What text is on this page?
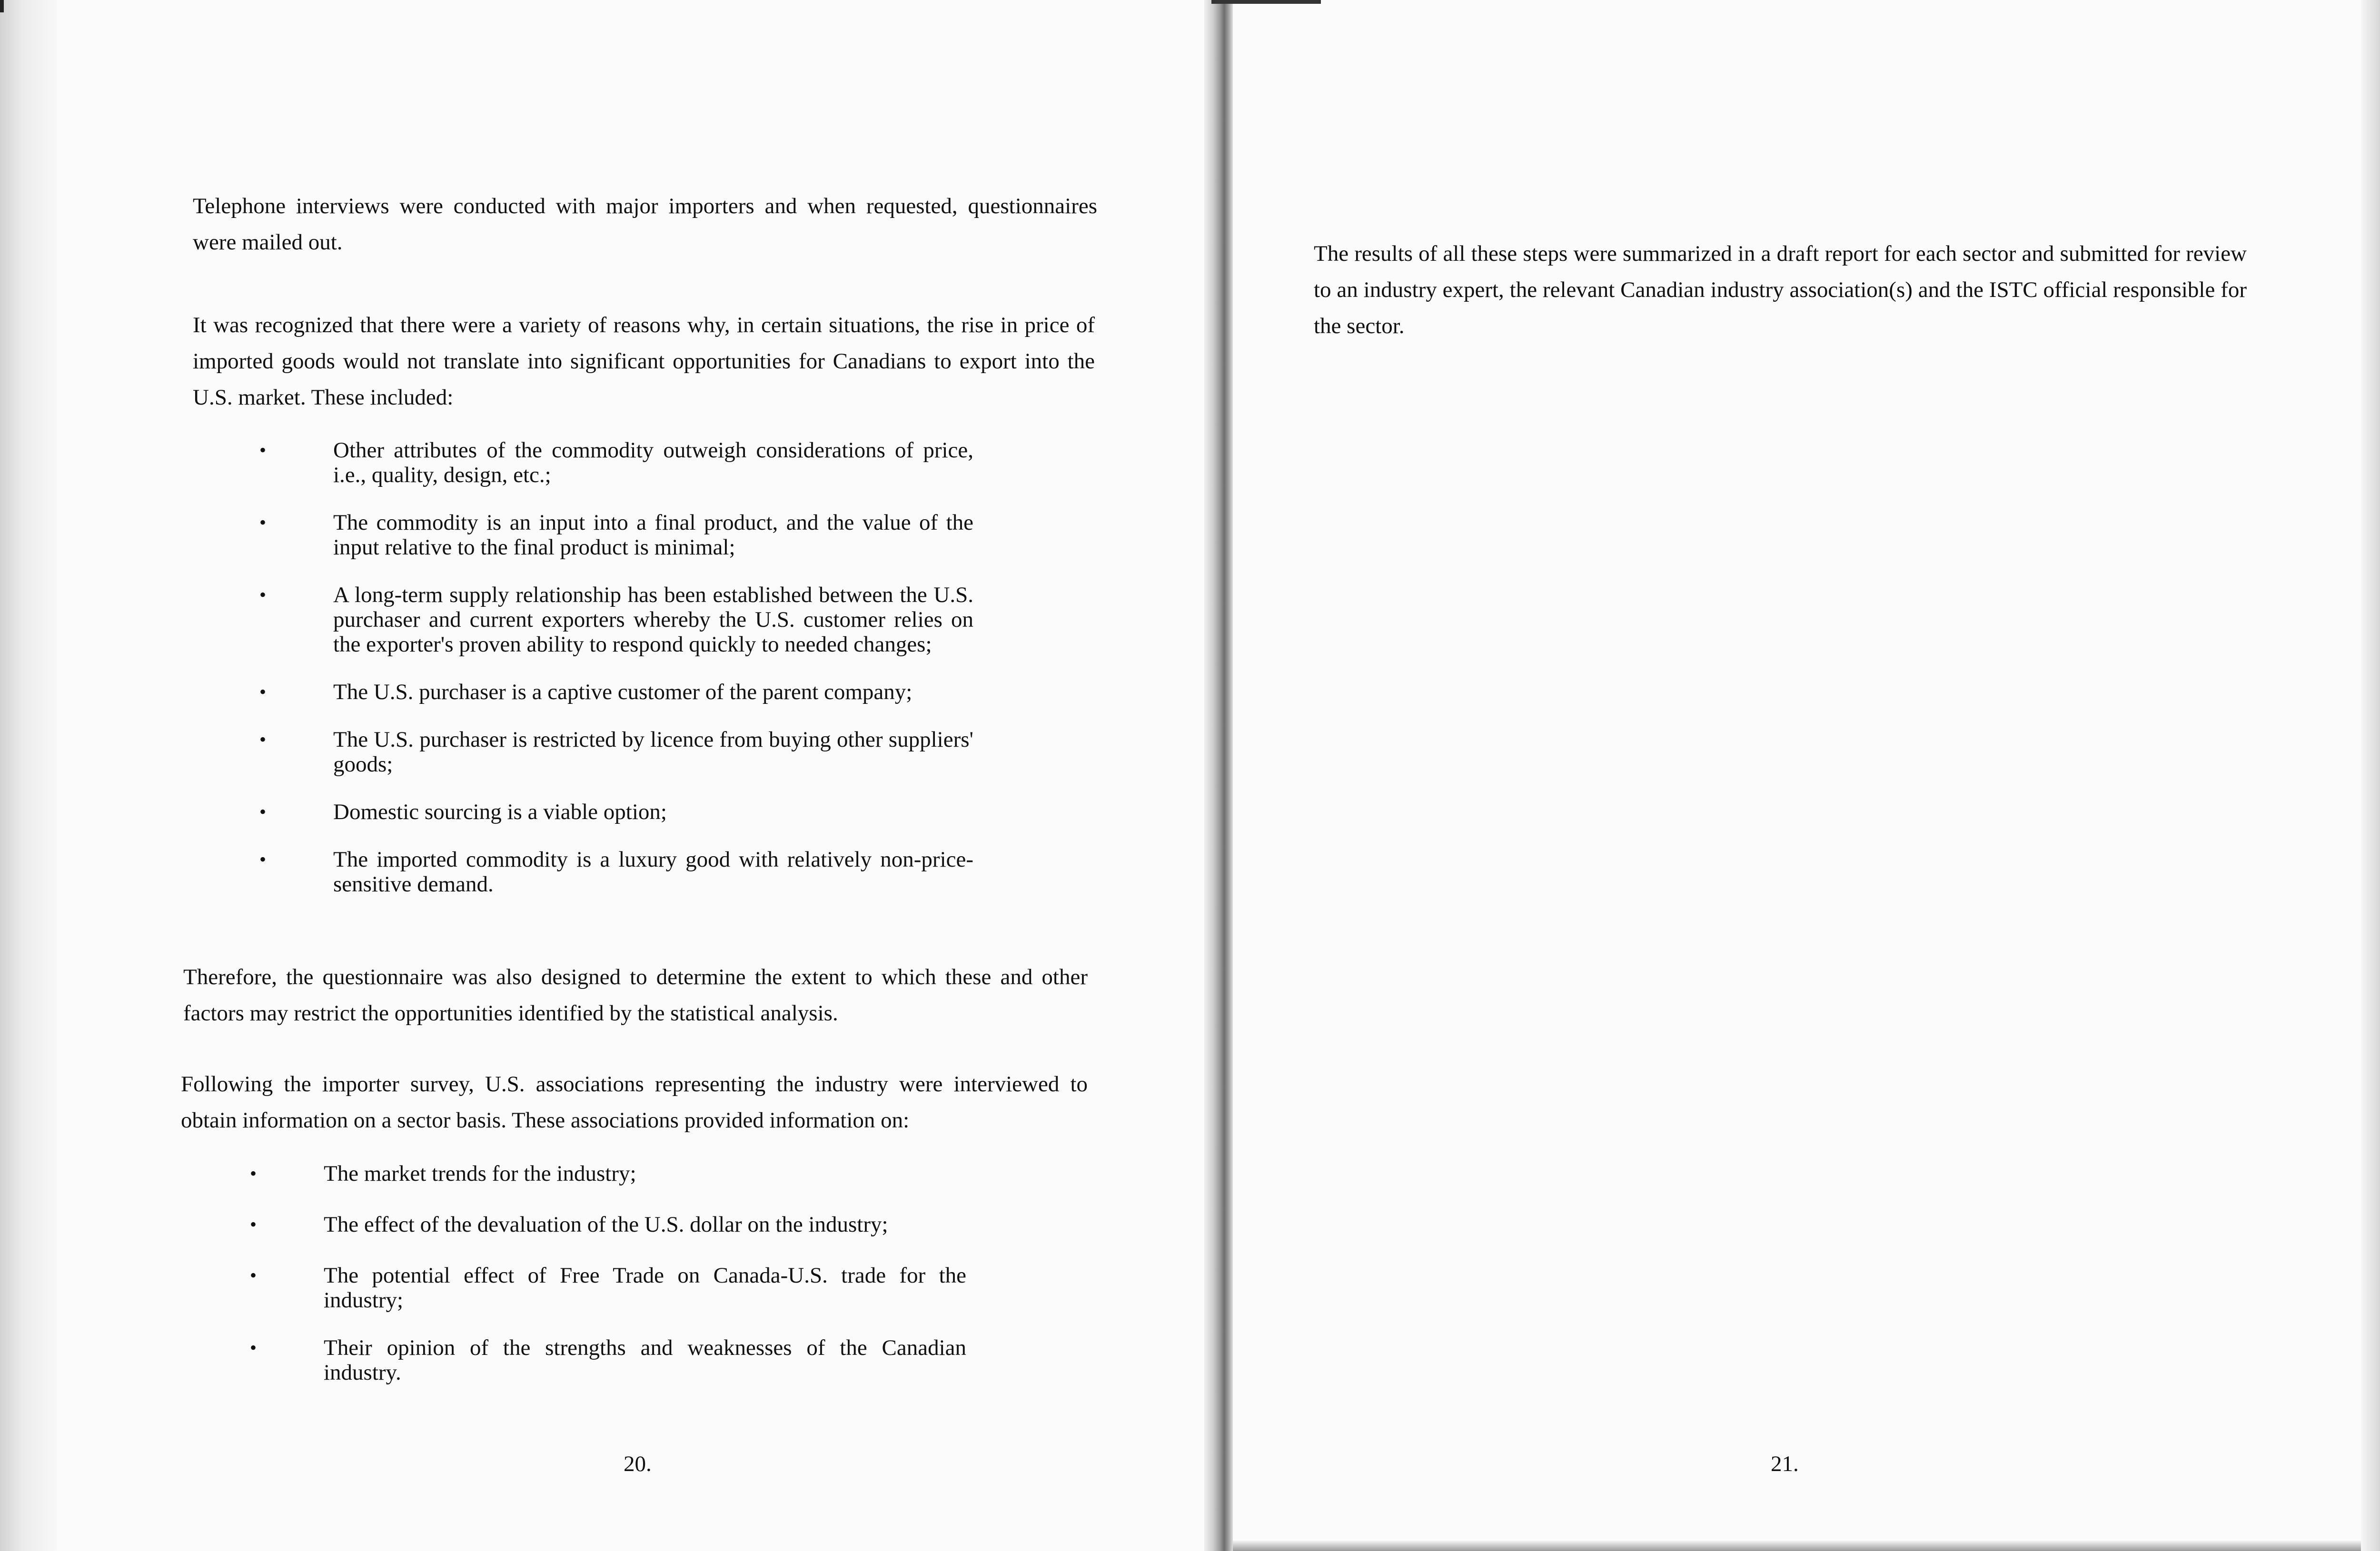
Telephone interviews were conducted with major importers and when requested, questionnaires were mailed out.

It was recognized that there were a variety of reasons why, in certain situations, the rise in price of imported goods would not translate into significant opportunities for Canadians to export into the U.S. market. These included:

•	Other attributes of the commodity outweigh considerations of price, i.e., quality, design, etc.;
•	The commodity is an input into a final product, and the value of the input relative to the final product is minimal;
•	A long-term supply relationship has been established between the U.S. purchaser and current exporters whereby the U.S. customer relies on the exporter's proven ability to respond quickly to needed changes;
•	The U.S. purchaser is a captive customer of the parent company;
•	The U.S. purchaser is restricted by licence from buying other suppliers' goods;
•	Domestic sourcing is a viable option;
•	The imported commodity is a luxury good with relatively non-price-sensitive demand.

Therefore, the questionnaire was also designed to determine the extent to which these and other factors may restrict the opportunities identified by the statistical analysis.

Following the importer survey, U.S. associations representing the industry were interviewed to obtain information on a sector basis. These associations provided information on:

•	The market trends for the industry;
•	The effect of the devaluation of the U.S. dollar on the industry;
•	The potential effect of Free Trade on Canada-U.S. trade for the industry;
•	Their opinion of the strengths and weaknesses of the Canadian industry.
20.

The results of all these steps were summarized in a draft report for each sector and submitted for review to an industry expert, the relevant Canadian industry association(s) and the ISTC official responsible for the sector.

21.
